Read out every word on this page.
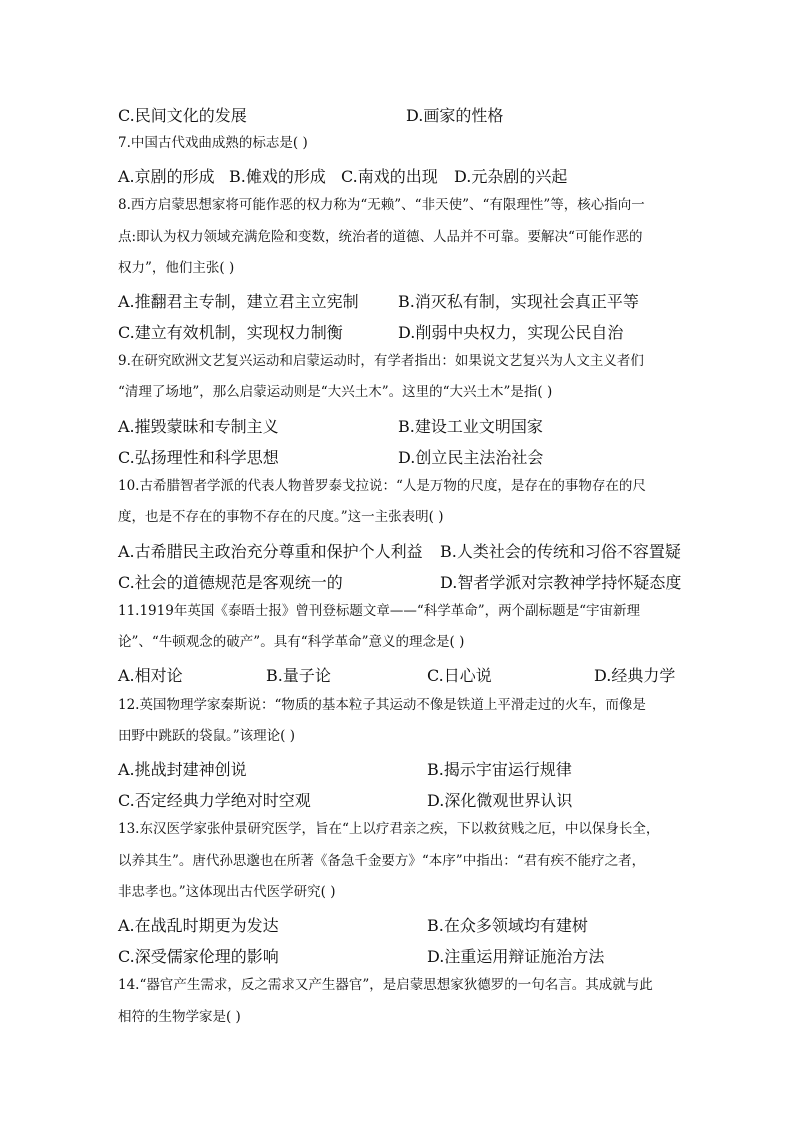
C.民间文化的发展	D.画家的性格
7.中国古代戏曲成熟的标志是( )
A.京剧的形成 B.傩戏的形成 C.南戏的出现 D.元杂剧的兴起
8.西方启蒙思想家将可能作恶的权力称为“无赖”、“非天使”、“有限理性”等，核心指向一
点:即认为权力领域充满危险和变数，统治者的道德、人品并不可靠。要解决“可能作恶的
权力”，他们主张( )
A.推翻君主专制，建立君主立宪制 B.消灭私有制，实现社会真正平等
C.建立有效机制，实现权力制衡	D.削弱中央权力，实现公民自治
9.在研究欧洲文艺复兴运动和启蒙运动时，有学者指出：如果说文艺复兴为人文主义者们
“清理了场地”，那么启蒙运动则是“大兴土木”。这里的“大兴土木”是指( )
A.摧毁蒙昧和专制主义	B.建设工业文明国家
C.弘扬理性和科学思想	D.创立民主法治社会
10.古希腊智者学派的代表人物普罗泰戈拉说：“人是万物的尺度，是存在的事物存在的尺
度，也是不存在的事物不存在的尺度。”这一主张表明( )
A.古希腊民主政治充分尊重和保护个人利益 B.人类社会的传统和习俗不容置疑
C.社会的道德规范是客观统一的	D.智者学派对宗教神学持怀疑态度
11.1919年英国《泰晤士报》曾刊登标题文章——“科学革命”，两个副标题是“宇宙新理
论”、“牛顿观念的破产”。具有“科学革命”意义的理念是( )
A.相对论	B.量子论	C.日心说	D.经典力学
12.英国物理学家秦斯说：“物质的基本粒子其运动不像是铁道上平滑走过的火车，而像是
田野中跳跃的袋鼠。”该理论( )
A.挑战封建神创说	B.揭示宇宙运行规律
C.否定经典力学绝对时空观	D.深化微观世界认识
13.东汉医学家张仲景研究医学，旨在“上以疗君亲之疾，下以救贫贱之厄，中以保身长全，
以养其生”。唐代孙思邈也在所著《备急千金要方》“本序”中指出：“君有疾不能疗之者，
非忠孝也。”这体现出古代医学研究( )
A.在战乱时期更为发达	B.在众多领域均有建树
C.深受儒家伦理的影响	D.注重运用辩证施治方法
14.“器官产生需求，反之需求又产生器官”，是启蒙思想家狄德罗的一句名言。其成就与此
相符的生物学家是( )
